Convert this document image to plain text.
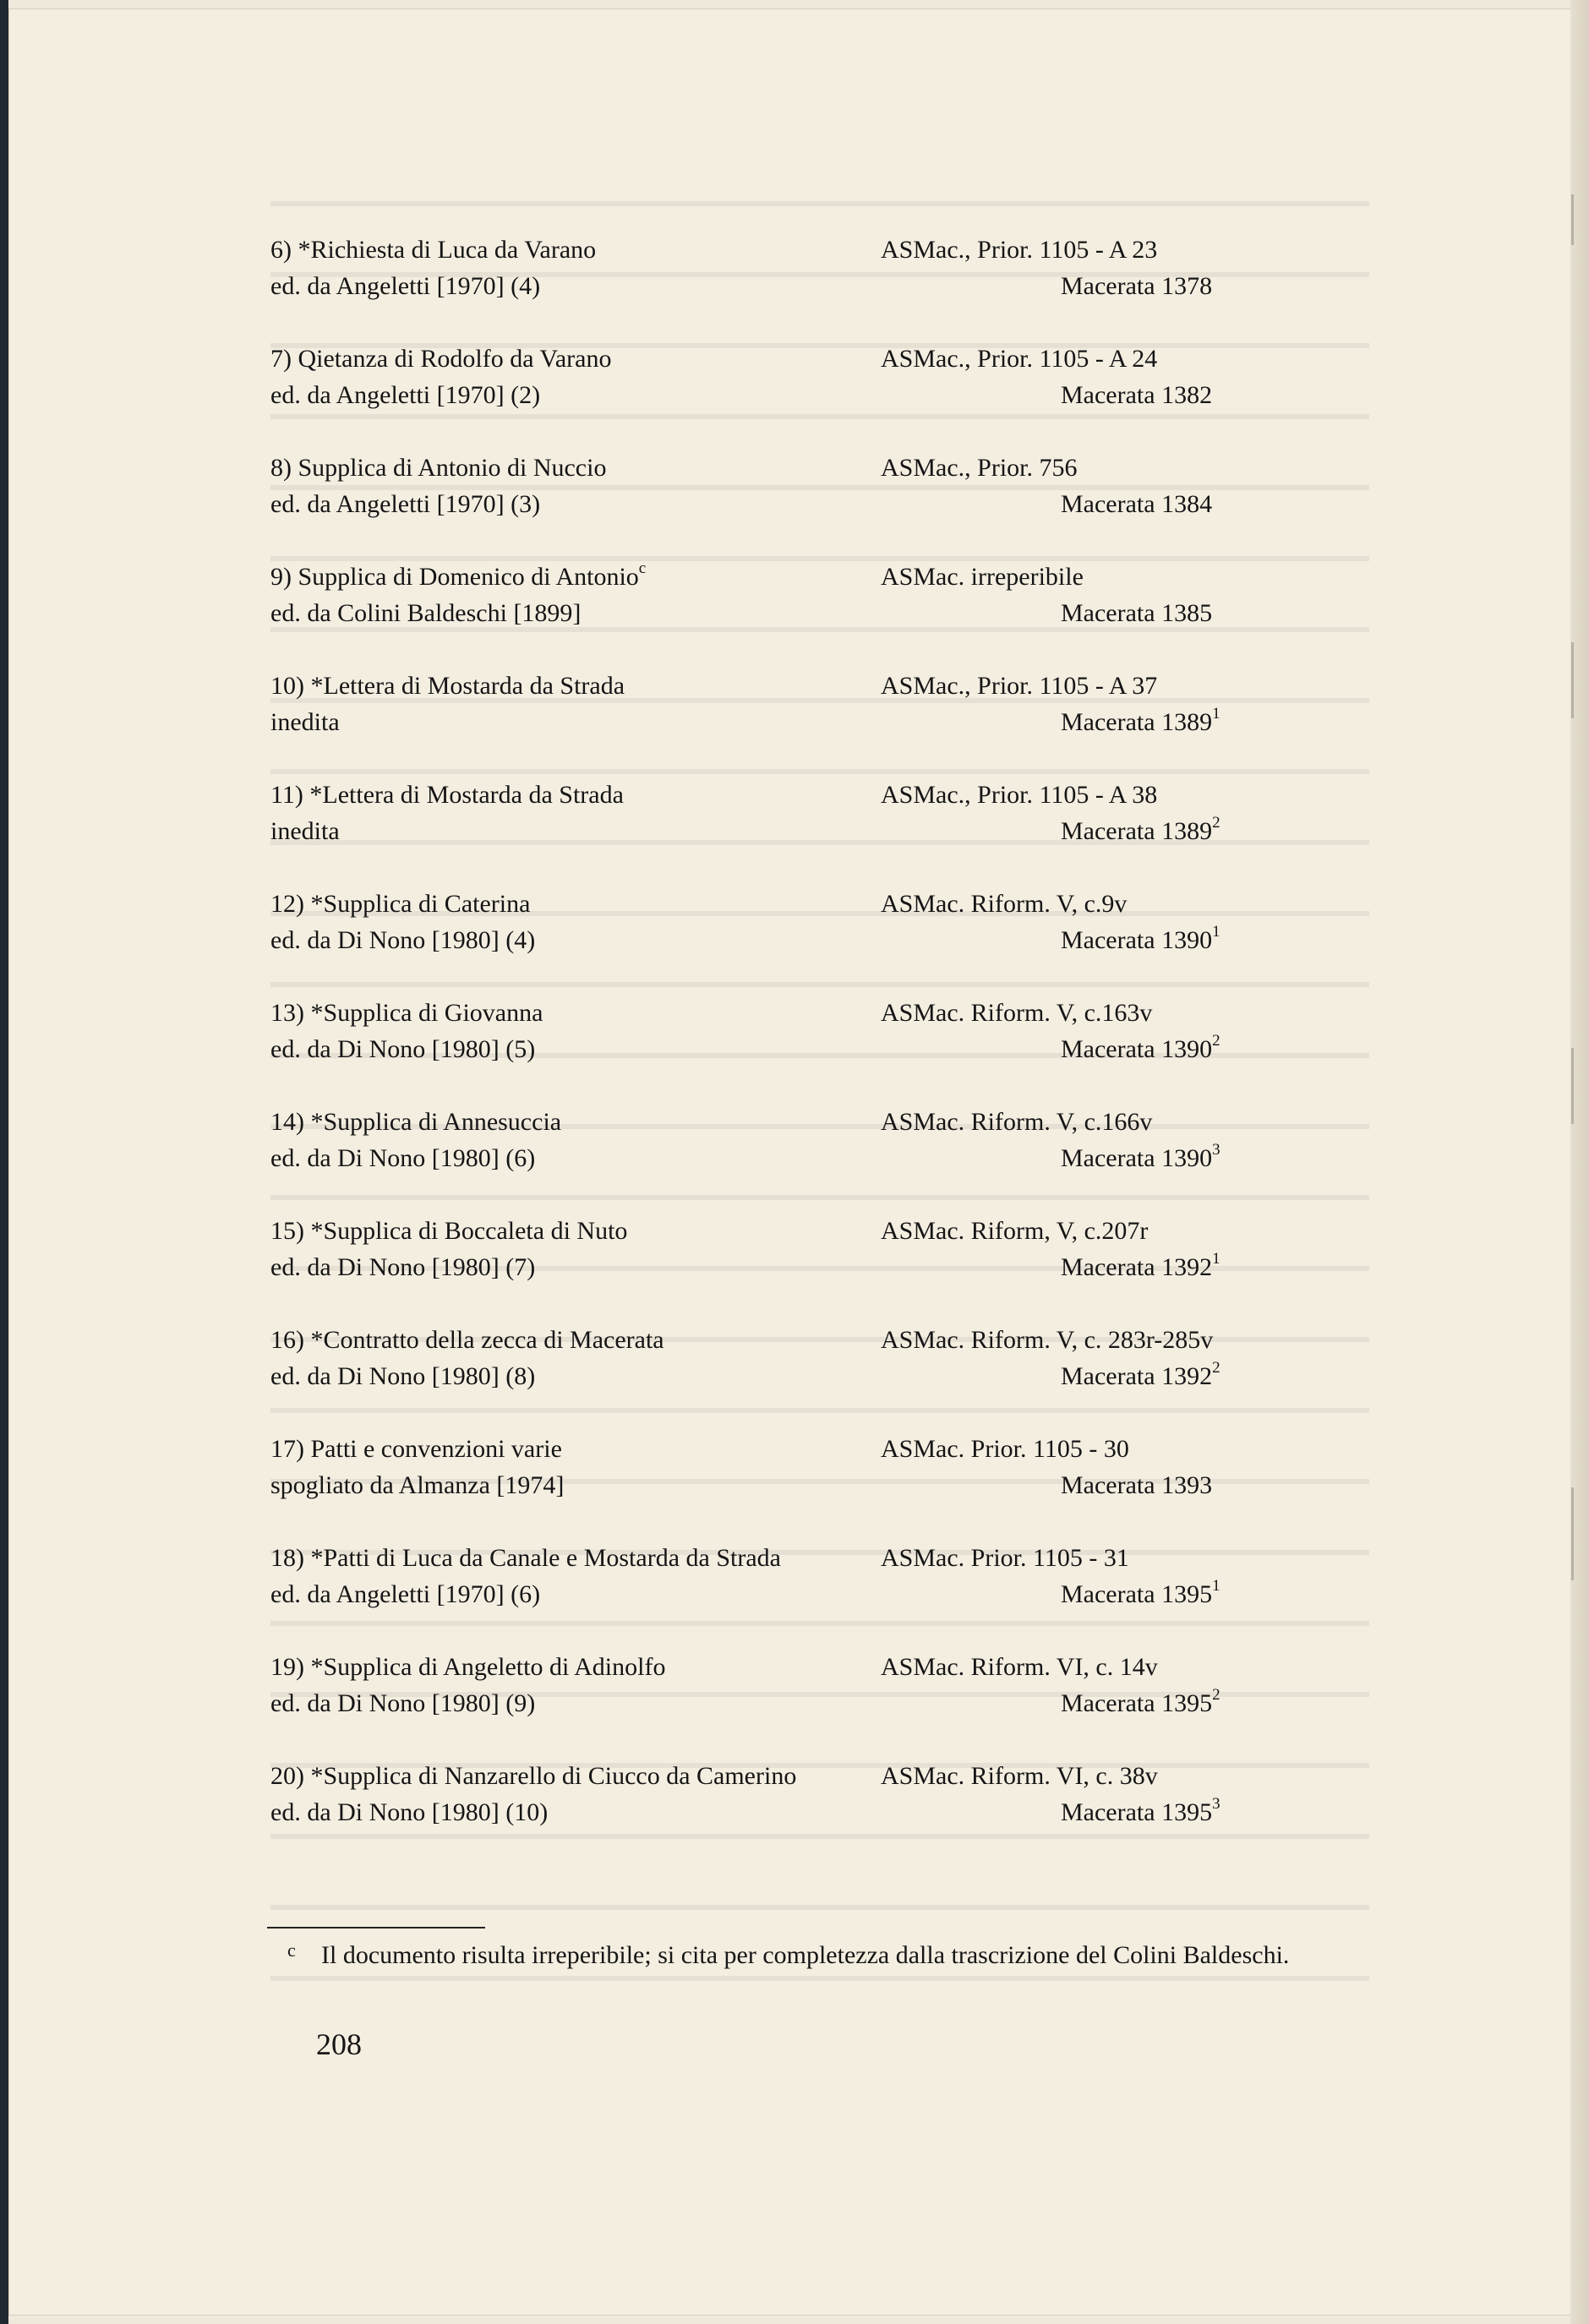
6) *Richiesta di Luca da Varano
ed. da Angeletti [1970] (4)
ASMac., Prior. 1105 - A 23
Macerata 1378
7) Qietanza di Rodolfo da Varano
ed. da Angeletti [1970] (2)
ASMac., Prior. 1105 - A 24
Macerata 1382
8) Supplica di Antonio di Nuccio
ed. da Angeletti [1970] (3)
ASMac., Prior. 756
Macerata 1384
9) Supplica di Domenico di Antonio$^c$
ed. da Colini Baldeschi [1899]
ASMac. irreperibile
Macerata 1385
10) *Lettera di Mostarda da Strada
inedita
ASMac., Prior. 1105 - A 37
Macerata 1389$^1$
11) *Lettera di Mostarda da Strada
inedita
ASMac., Prior. 1105 - A 38
Macerata 1389$^2$
12) *Supplica di Caterina
ed. da Di Nono [1980] (4)
ASMac. Riform. V, c.9v
Macerata 1390$^1$
13) *Supplica di Giovanna
ed. da Di Nono [1980] (5)
ASMac. Riform. V, c.163v
Macerata 1390$^2$
14) *Supplica di Annesuccia
ed. da Di Nono [1980] (6)
ASMac. Riform. V, c.166v
Macerata 1390$^3$
15) *Supplica di Boccaleta di Nuto
ed. da Di Nono [1980] (7)
ASMac. Riform, V, c.207r
Macerata 1392$^1$
16) *Contratto della zecca di Macerata
ed. da Di Nono [1980] (8)
ASMac. Riform. V, c. 283r-285v
Macerata 1392$^2$
17) Patti e convenzioni varie
spogliato da Almanza [1974]
ASMac. Prior. 1105 - 30
Macerata 1393
18) *Patti di Luca da Canale e Mostarda da Strada
ed. da Angeletti [1970] (6)
ASMac. Prior. 1105 - 31
Macerata 1395$^1$
19) *Supplica di Angeletto di Adinolfo
ed. da Di Nono [1980] (9)
ASMac. Riform. VI, c. 14v
Macerata 1395$^2$
20) *Supplica di Nanzarello di Ciucco da Camerino
ed. da Di Nono [1980] (10)
ASMac. Riform. VI, c. 38v
Macerata 1395$^3$
c Il documento risulta irreperibile; si cita per completezza dalla trascrizione del Colini Baldeschi.
208
